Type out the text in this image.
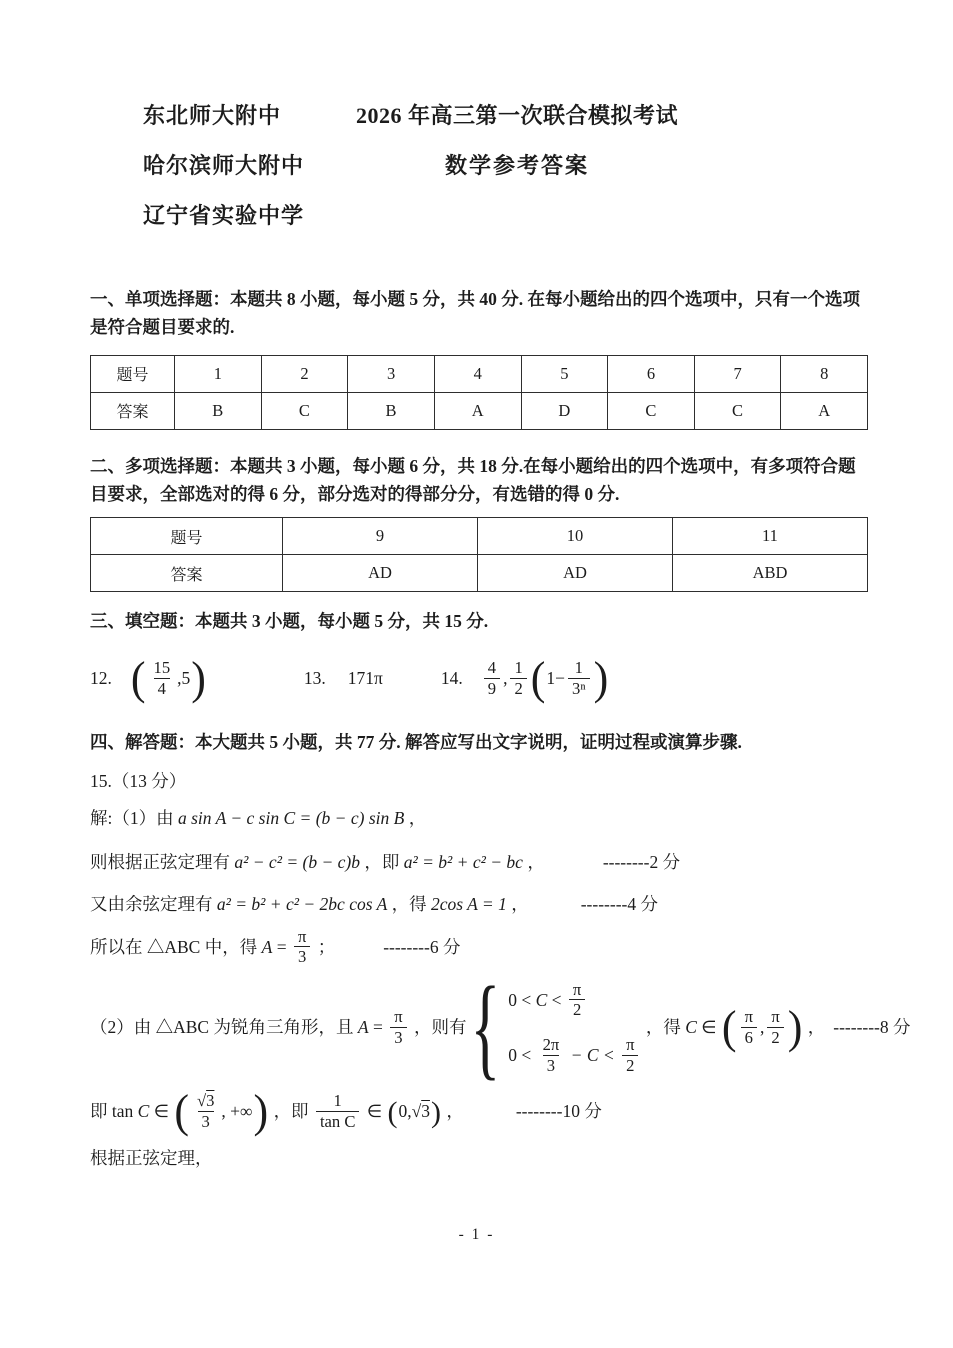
东北师大附中
哈尔滨师大附中
辽宁省实验中学
2026 年高三第一次联合模拟考试
数学参考答案
一、单项选择题：本题共 8 小题，每小题 5 分，共 40 分. 在每小题给出的四个选项中，只有一个选项是符合题目要求的.
题号	1	2	3	4	5	6	7	8
答案	B	C	B	A	D	C	C	A
二、多项选择题：本题共 3 小题，每小题 6 分，共 18 分.在每小题给出的四个选项中，有多项符合题目要求，全部选对的得 6 分，部分选对的得部分分，有选错的得 0 分.
题号	9	10	11
答案	AD	AD	ABD
三、填空题：本题共 3 小题，每小题 5 分，共 15 分.
12. ( $\frac{15}{4} ,5$ )	13. 171π	14. $\frac{4}{9}$ , $\frac{1}{2}$ ( $1- \frac{1}{\text{3ⁿ}}$ )
四、解答题：本大题共 5 小题，共 77 分. 解答应写出文字说明，证明过程或演算步骤.
15.（13 分）
解:（1）由 a sin A − c sin C = (b − c) sin B ，
则根据正弦定理有 a² − c² = (b − c)b ，即 a² = b² + c² − bc ，	--------2 分
又由余弦定理有 a² = b² + c² − 2bc cos A ，得 2cos A = 1 ，	--------4 分
所以在 △ABC 中，得 $A = \frac{\pi}{3}$ ；	--------6 分
（2）由 △ABC 为锐角三角形，且 $A = \frac{\pi}{3}$ ，则有 { $0 < C < \frac{\pi}{2}$
$0 < \frac{2\pi}{3} - C < \frac{\pi}{2}$
，得 C ∈ ( $\frac{\pi}{6}$ , $\frac{\pi}{2}$ ) ， --------8 分
即 tan C ∈ ( $\frac{√3}{3}$ , +∞ ) ，即 $\frac{1}{\text{tan C}}$ ∈ ( 0, √3 ) ，	--------10 分
根据正弦定理，
- 1 -
